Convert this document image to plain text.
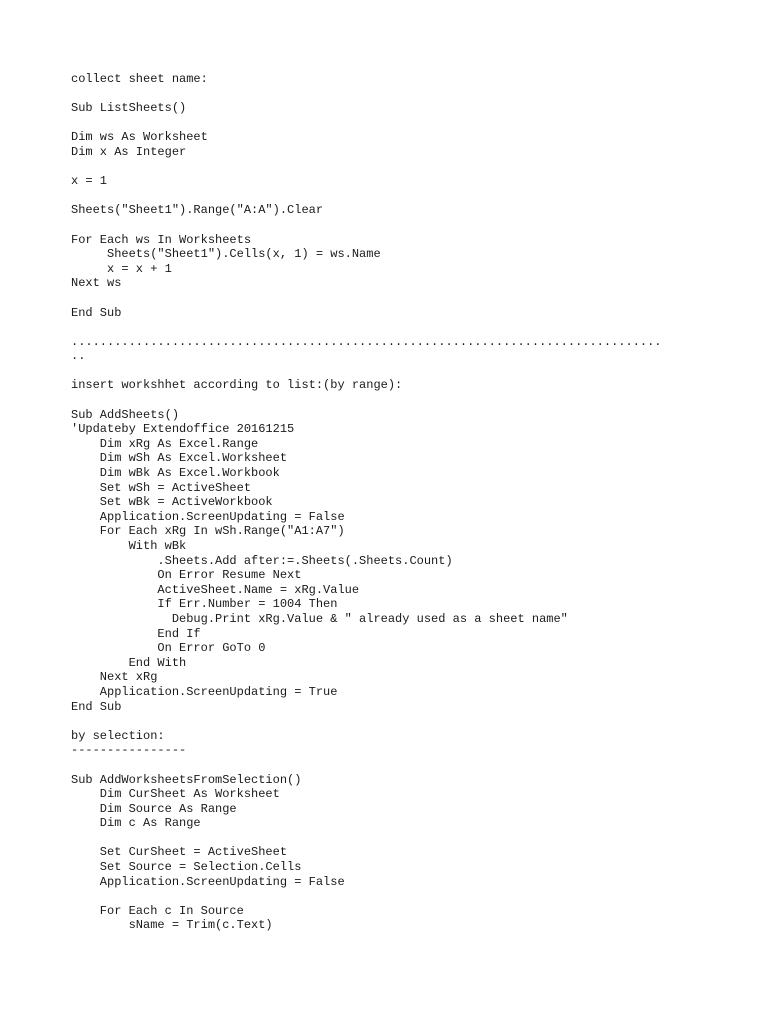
collect sheet name:
Sub ListSheets()
Dim ws As Worksheet
Dim x As Integer
x = 1
Sheets("Sheet1").Range("A:A").Clear
For Each ws In Worksheets
Sheets("Sheet1").Cells(x, 1) = ws.Name
x = x + 1
Next ws
End Sub
..................................................................................
..
insert workshhet according to list:(by range):
Sub AddSheets()
'Updateby Extendoffice 20161215
Dim xRg As Excel.Range
Dim wSh As Excel.Worksheet
Dim wBk As Excel.Workbook
Set wSh = ActiveSheet
Set wBk = ActiveWorkbook
Application.ScreenUpdating = False
For Each xRg In wSh.Range("A1:A7")
With wBk
.Sheets.Add after:=.Sheets(.Sheets.Count)
On Error Resume Next
ActiveSheet.Name = xRg.Value
If Err.Number = 1004 Then
Debug.Print xRg.Value & " already used as a sheet name"
End If
On Error GoTo 0
End With
Next xRg
Application.ScreenUpdating = True
End Sub
by selection:
----------------
Sub AddWorksheetsFromSelection()
Dim CurSheet As Worksheet
Dim Source As Range
Dim c As Range
Set CurSheet = ActiveSheet
Set Source = Selection.Cells
Application.ScreenUpdating = False
For Each c In Source
sName = Trim(c.Text)
